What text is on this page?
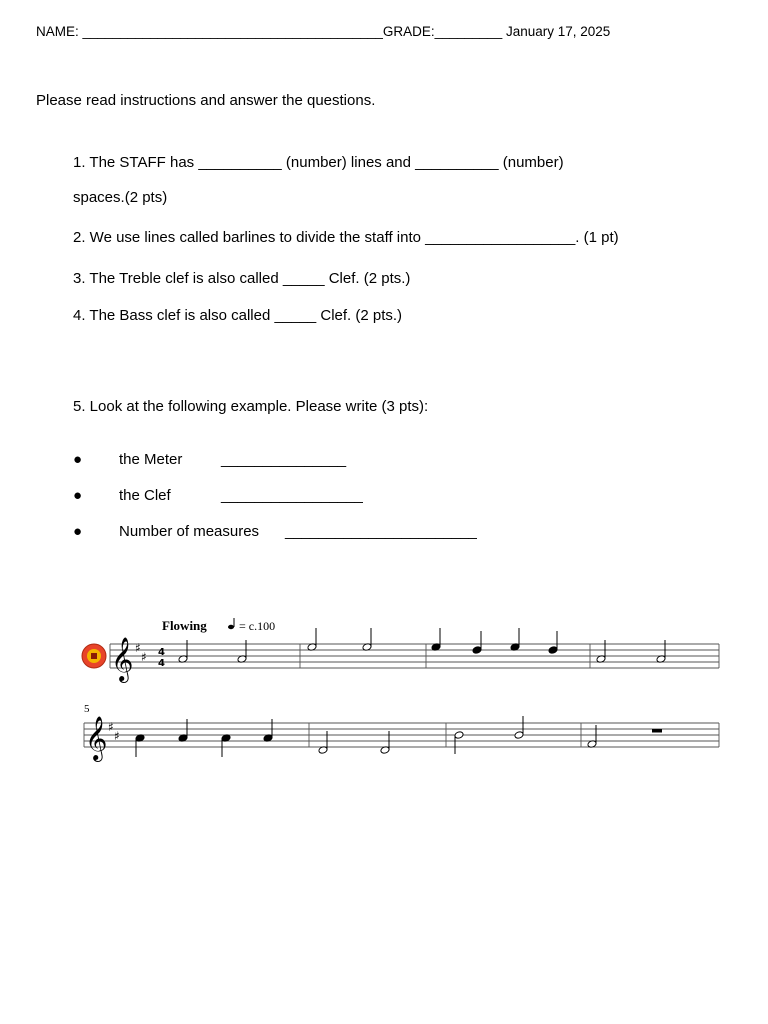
NAME: ________________________________________GRADE:_________ January 17, 2025
Please read instructions and answer the questions.
1. The STAFF has __________ (number) lines and __________ (number)
spaces.(2 pts)
2. We use lines called barlines to divide the staff into __________________. (1 pt)
3. The Treble clef is also called _____ Clef. (2 pts.)
4. The Bass clef is also called _____ Clef. (2 pts.)
5. Look at the following example. Please write (3 pts):
● the Meter	_______________
● the Clef	_________________
● Number of measures _______________________
Flowing	= c.100
𝄞 ♯
♯ 4
4
5
𝄞 ♯
♯
